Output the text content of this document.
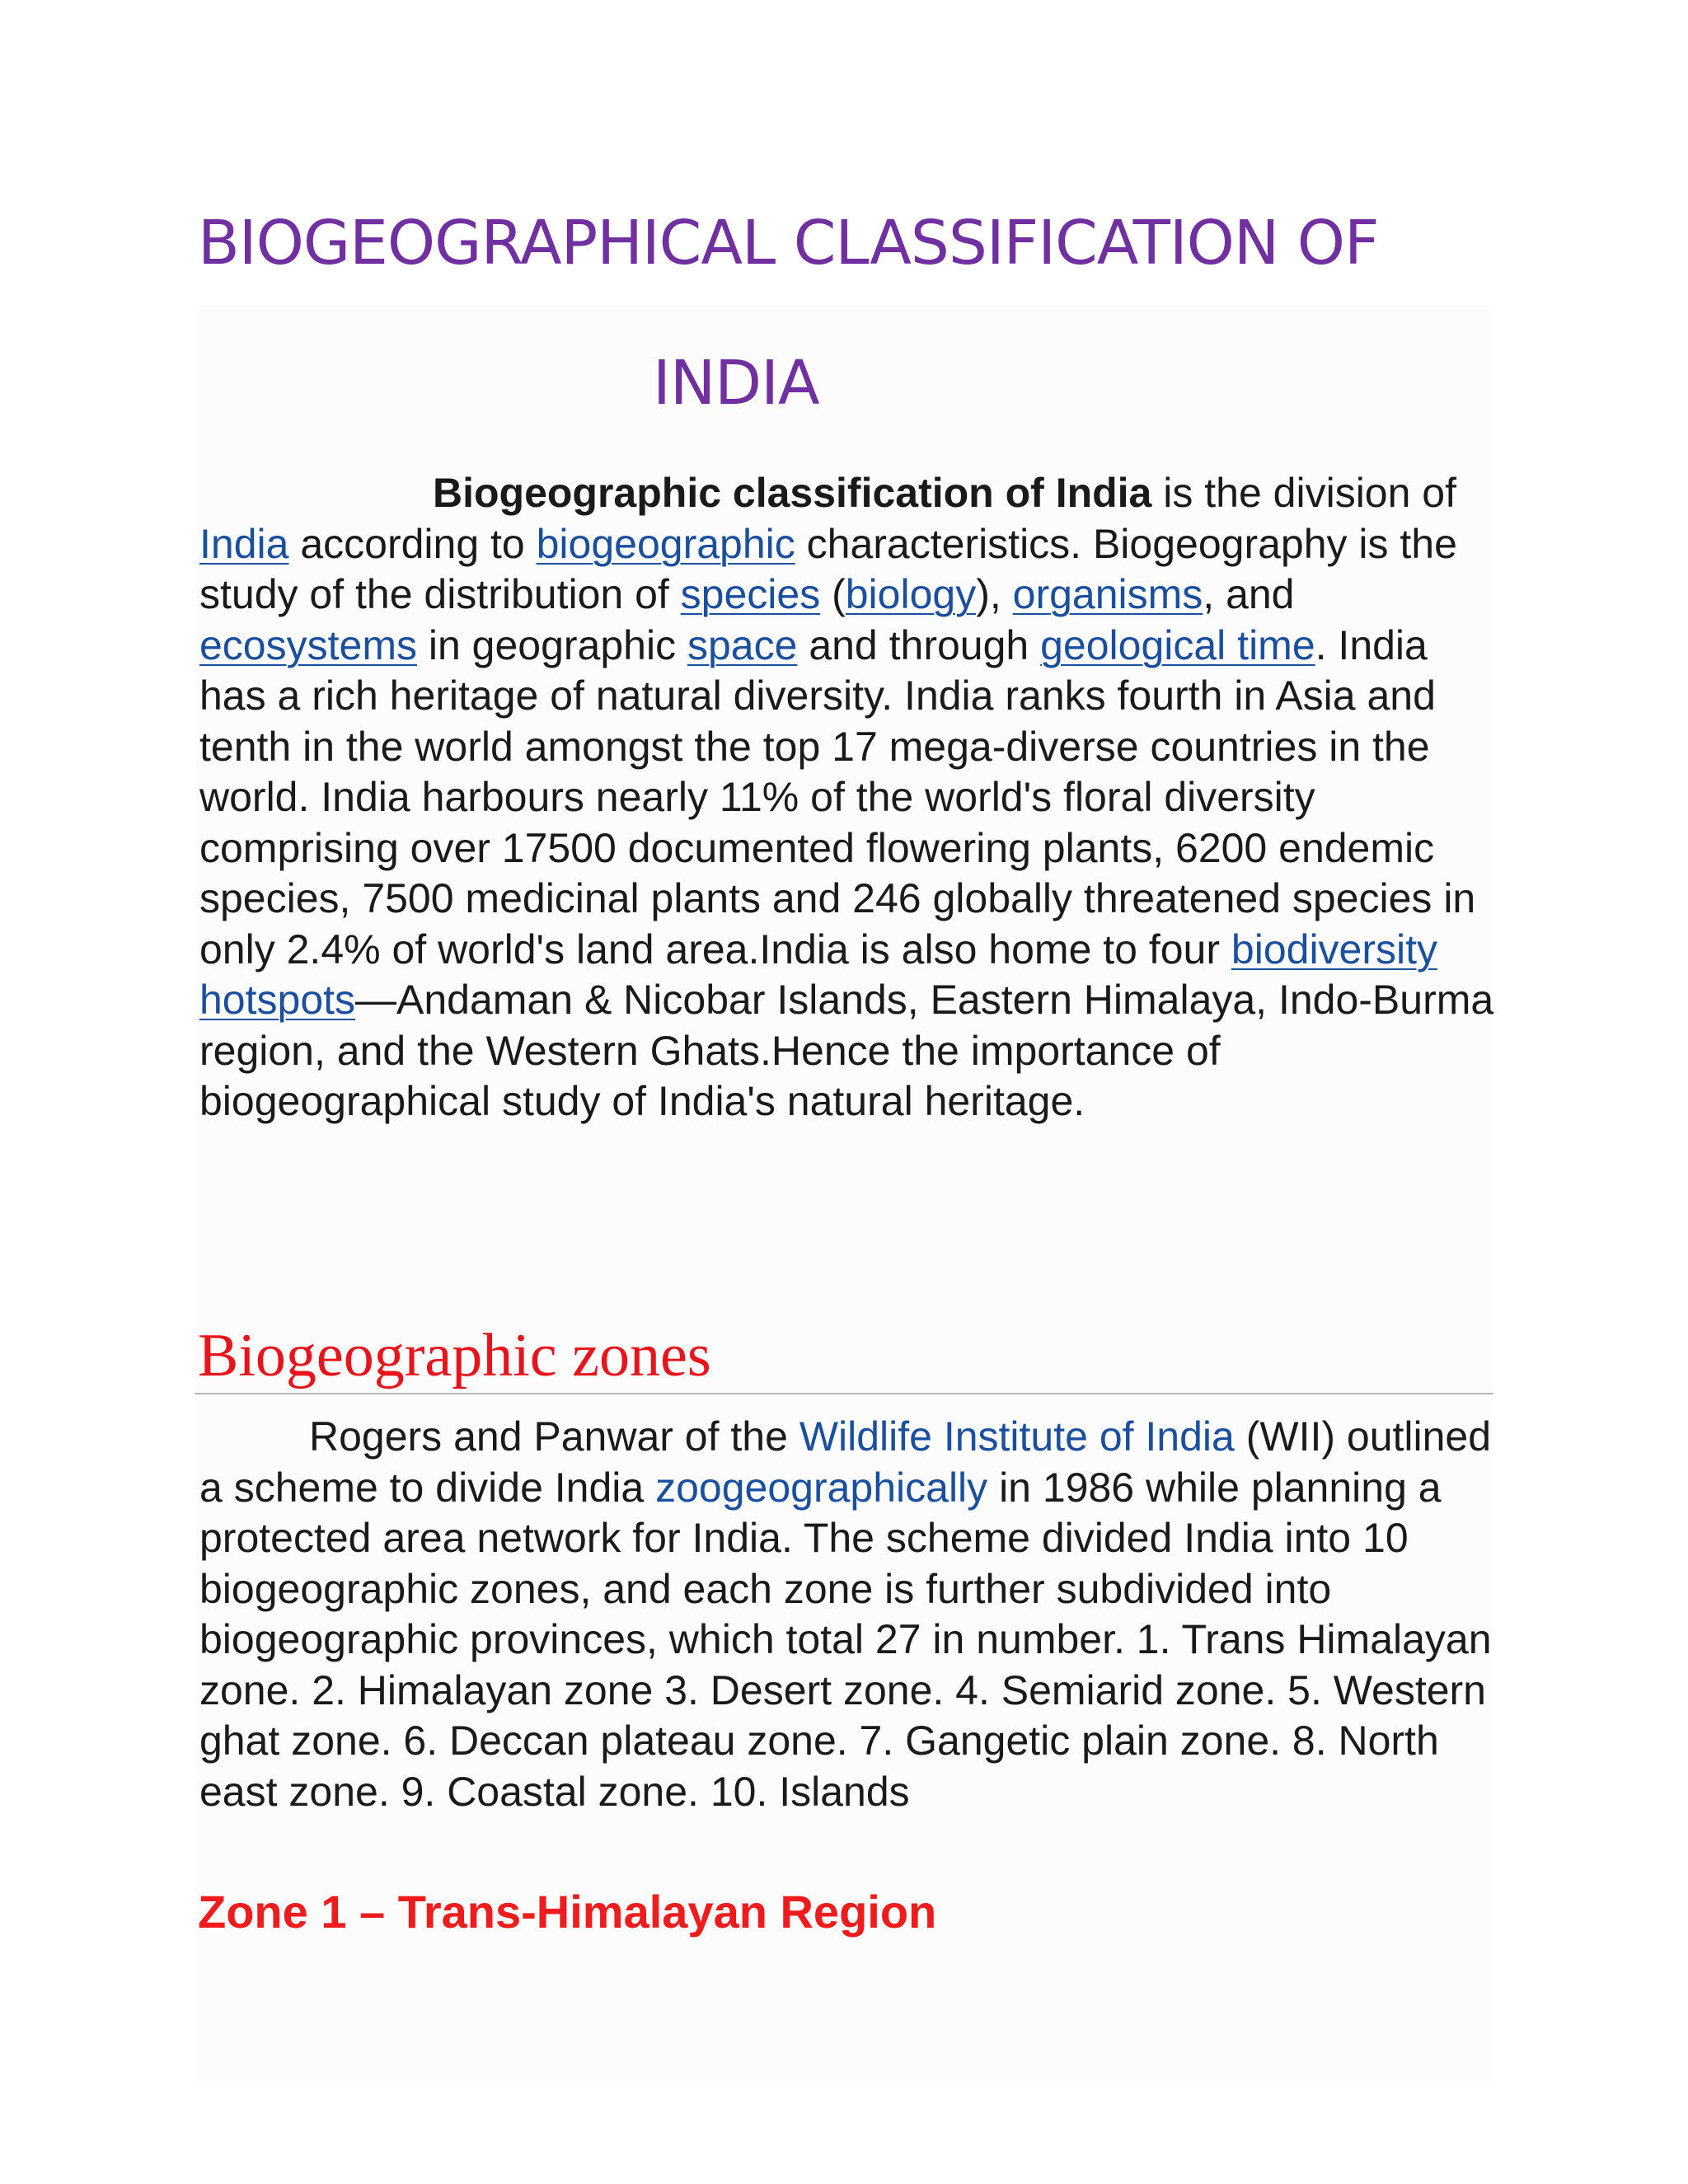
BIOGEOGRAPHICAL CLASSIFICATION OF
INDIA

Biogeographic classification of India is the division of India according to biogeographic characteristics. Biogeography is the study of the distribution of species (biology), organisms, and ecosystems in geographic space and through geological time. India has a rich heritage of natural diversity. India ranks fourth in Asia and tenth in the world amongst the top 17 mega-diverse countries in the world. India harbours nearly 11% of the world's floral diversity comprising over 17500 documented flowering plants, 6200 endemic species, 7500 medicinal plants and 246 globally threatened species in only 2.4% of world's land area.India is also home to four biodiversity hotspots—Andaman & Nicobar Islands, Eastern Himalaya, Indo-Burma region, and the Western Ghats.Hence the importance of biogeographical study of India's natural heritage.

Biogeographic zones

Rogers and Panwar of the Wildlife Institute of India (WII) outlined a scheme to divide India zoogeographically in 1986 while planning a protected area network for India. The scheme divided India into 10 biogeographic zones, and each zone is further subdivided into biogeographic provinces, which total 27 in number. 1. Trans Himalayan zone. 2. Himalayan zone 3. Desert zone. 4. Semiarid zone. 5. Western ghat zone. 6. Deccan plateau zone. 7. Gangetic plain zone. 8. North east zone. 9. Coastal zone. 10. Islands

Zone 1 – Trans-Himalayan Region
